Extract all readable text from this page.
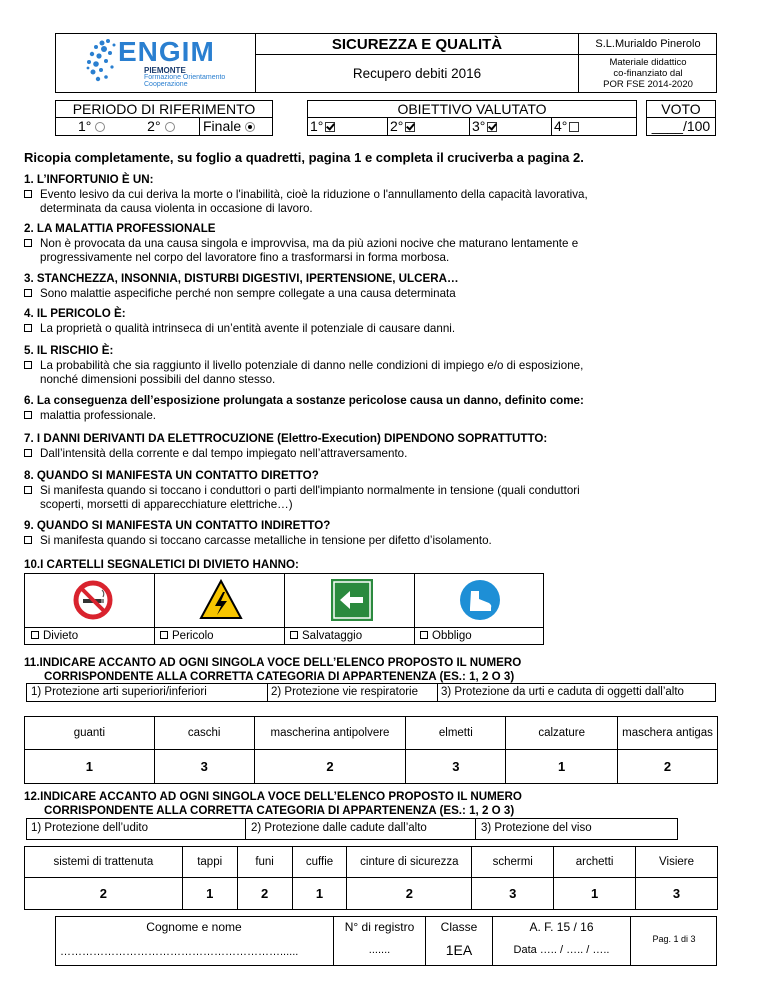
ENGIM
PIEMONTE
Formazione Orientamento
Cooperazione
SICUREZZA E QUALITÀ	S.L.Murialdo Pinerolo
Recupero debiti 2016
Materiale didattico
co-finanziato dal
POR FSE 2014-2020
PERIODO DI RIFERIMENTO
1°	2°	Finale
OBIETTIVO VALUTATO
1°	2°	3°	4°
VOTO
____/100
Ricopia completamente, su foglio a quadretti, pagina 1 e completa il cruciverba a pagina 2.
1. L’INFORTUNIO È UN:
Evento lesivo da cui deriva la morte o l'inabilità, cioè la riduzione o l'annullamento della capacità lavorativa,
determinata da causa violenta in occasione di lavoro.
2. LA MALATTIA PROFESSIONALE
Non è provocata da una causa singola e improvvisa, ma da più azioni nocive che maturano lentamente e
progressivamente nel corpo del lavoratore fino a trasformarsi in forma morbosa.
3. STANCHEZZA, INSONNIA, DISTURBI DIGESTIVI, IPERTENSIONE, ULCERA…
Sono malattie aspecifiche perché non sempre collegate a una causa determinata
4. IL PERICOLO È:
La proprietà o qualità intrinseca di un’entità avente il potenziale di causare danni.
5. IL RISCHIO È:
La probabilità che sia raggiunto il livello potenziale di danno nelle condizioni di impiego e/o di esposizione,
nonché dimensioni possibili del danno stesso.
6. La conseguenza dell’esposizione prolungata a sostanze pericolose causa un danno, definito come:
malattia professionale.
7. I DANNI DERIVANTI DA ELETTROCUZIONE (Elettro-Execution) DIPENDONO SOPRATTUTTO:
Dall’intensità della corrente e dal tempo impiegato nell’attraversamento.
8. QUANDO SI MANIFESTA UN CONTATTO DIRETTO?
Si manifesta quando si toccano i conduttori o parti dell'impianto normalmente in tensione (quali conduttori
scoperti, morsetti di apparecchiature elettriche…)
9. QUANDO SI MANIFESTA UN CONTATTO INDIRETTO?
Si manifesta quando si toccano carcasse metalliche in tensione per difetto d’isolamento.
10.I CARTELLI SEGNALETICI DI DIVIETO HANNO:
Divieto	Pericolo	Salvataggio	Obbligo
11.INDICARE ACCANTO AD OGNI SINGOLA VOCE DELL’ELENCO PROPOSTO IL NUMERO
CORRISPONDENTE ALLA CORRETTA CATEGORIA DI APPARTENENZA (ES.: 1, 2 O 3)
1) Protezione arti superiori/inferiori	2) Protezione vie respiratorie 3) Protezione da urti e caduta di oggetti dall’alto
guanti	caschi	mascherina antipolvere	elmetti	calzature	maschera antigas
1	3	2	3	1	2
12.INDICARE ACCANTO AD OGNI SINGOLA VOCE DELL’ELENCO PROPOSTO IL NUMERO
CORRISPONDENTE ALLA CORRETTA CATEGORIA DI APPARTENENZA (ES.: 1, 2 O 3)
1) Protezione dell’udito	2) Protezione dalle cadute dall’alto	3) Protezione del viso
sistemi di trattenuta	tappi	funi	cuffie	cinture di sicurezza	schermi	archetti	Visiere
2	1	2	1	2	3	1	3
Cognome e nome
……………………………………………………......
N° di registro
.......
Classe
1EA
A. F. 15 / 16
Data ….. / ….. / …..
Pag. 1 di 3
